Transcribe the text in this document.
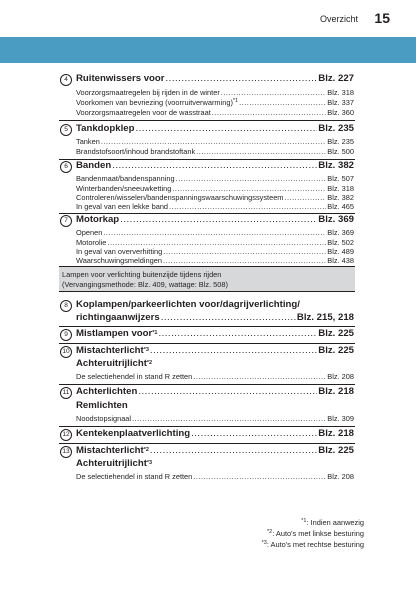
Overzicht 15
4 Ruitenwissers voor .....	Blz. 227
Voorzorgsmaatregelen bij rijden in de winter .....	Blz. 318
Voorkomen van bevriezing (voorruitverwarming)$^{*1}$ .....	Blz. 337
Voorzorgsmaatregelen voor de wasstraat .....	Blz. 360
5 Tankdopklep .....	Blz. 235
Tanken .....	Blz. 235
Brandstofsoort/inhoud brandstoftank .....	Blz. 500
6 Banden .....	Blz. 382
Bandenmaat/bandenspanning .....	Blz. 507
Winterbanden/sneeuwketting .....	Blz. 318
Controleren/wisselen/bandenspanningswaarschuwingssysteem .....	Blz. 382
In geval van een lekke band .....	Blz. 465
7 Motorkap .....	Blz. 369
Openen .....	Blz. 369
Motorolie .....	Blz. 502
In geval van oververhitting .....	Blz. 489
Waarschuwingsmeldingen .....	Blz. 438
Lampen voor verlichting buitenzijde tijdens rijden
(Vervangingsmethode: Blz. 409, wattage: Blz. 508)
8 Koplampen/parkeerlichten voor/dagrijverlichting/
richtingaanwijzers .....	Blz. 215, 218
9 Mistlampen voor$^{*1}$ .....	Blz. 225
10 Mistachterlicht$^{*3}$ .....	Blz. 225
Achteruitrijlicht$^{*2}$
De selectiehendel in stand R zetten .....	Blz. 208
11 Achterlichten .....	Blz. 218
Remlichten
Noodstopsignaal .....	Blz. 309
12 Kentekenplaatverlichting .....	Blz. 218
13 Mistachterlicht$^{*2}$ .....	Blz. 225
Achteruitrijlicht$^{*3}$
De selectiehendel in stand R zetten .....	Blz. 208
$^{*1}$: Indien aanwezig
$^{*2}$: Auto's met linkse besturing
$^{*3}$: Auto's met rechtse besturing
